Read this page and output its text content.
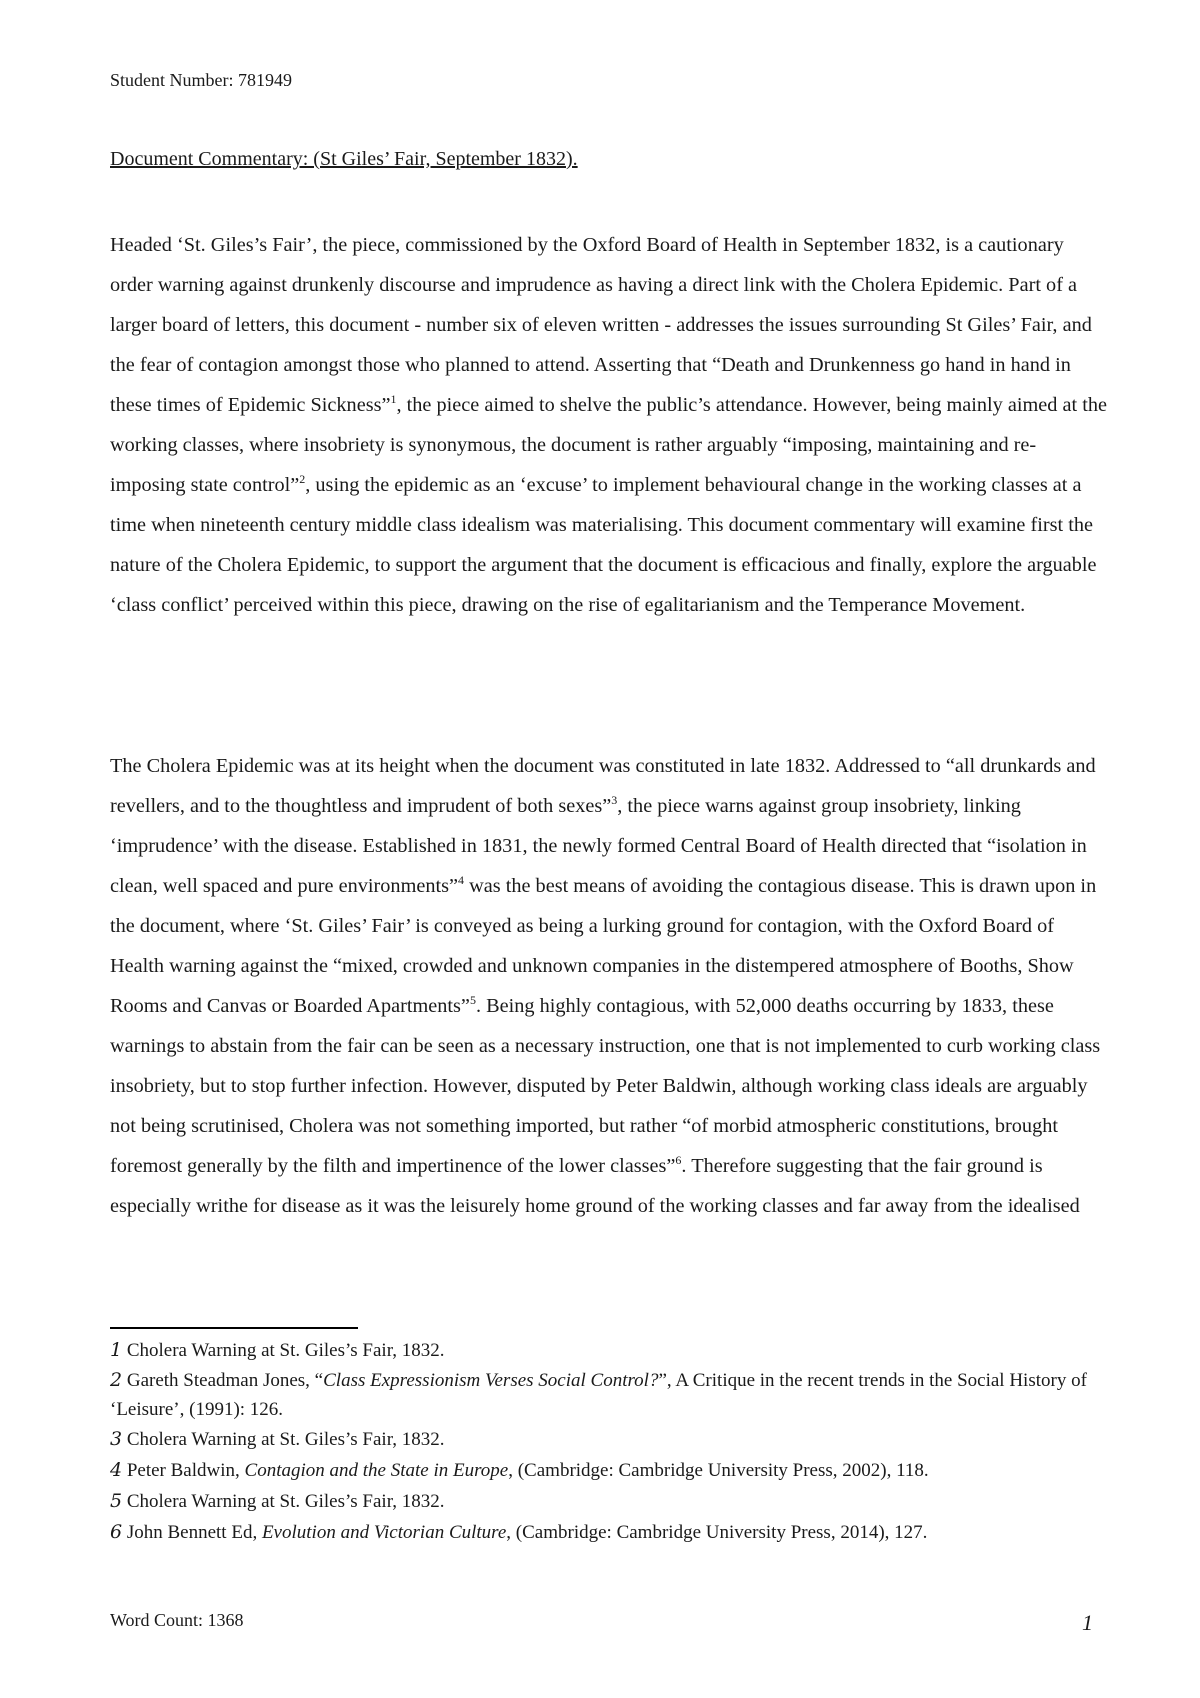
Student Number: 781949
Document Commentary: (St Giles’ Fair, September 1832).

Headed ‘St. Giles’s Fair’, the piece, commissioned by the Oxford Board of Health in September 1832, is a cautionary order warning against drunkenly discourse and imprudence as having a direct link with the Cholera Epidemic. Part of a larger board of letters, this document - number six of eleven written - addresses the issues surrounding St Giles’ Fair, and the fear of contagion amongst those who planned to attend. Asserting that “Death and Drunkenness go hand in hand in these times of Epidemic Sickness”$^1$, the piece aimed to shelve the public’s attendance. However, being mainly aimed at the working classes, where insobriety is synonymous, the document is rather arguably “imposing, maintaining and re-imposing state control”$^2$, using the epidemic as an ‘excuse’ to implement behavioural change in the working classes at a time when nineteenth century middle class idealism was materialising. This document commentary will examine first the nature of the Cholera Epidemic, to support the argument that the document is efficacious and finally, explore the arguable ‘class conflict’ perceived within this piece, drawing on the rise of egalitarianism and the Temperance Movement.

The Cholera Epidemic was at its height when the document was constituted in late 1832. Addressed to “all drunkards and revellers, and to the thoughtless and imprudent of both sexes”$^3$, the piece warns against group insobriety, linking ‘imprudence’ with the disease. Established in 1831, the newly formed Central Board of Health directed that “isolation in clean, well spaced and pure environments”$^4$ was the best means of avoiding the contagious disease. This is drawn upon in the document, where ‘St. Giles’ Fair’ is conveyed as being a lurking ground for contagion, with the Oxford Board of Health warning against the “mixed, crowded and unknown companies in the distempered atmosphere of Booths, Show Rooms and Canvas or Boarded Apartments”$^5$. Being highly contagious, with 52,000 deaths occurring by 1833, these warnings to abstain from the fair can be seen as a necessary instruction, one that is not implemented to curb working class insobriety, but to stop further infection. However, disputed by Peter Baldwin, although working class ideals are arguably not being scrutinised, Cholera was not something imported, but rather “of morbid atmospheric constitutions, brought foremost generally by the filth and impertinence of the lower classes”$^6$. Therefore suggesting that the fair ground is especially writhe for disease as it was the leisurely home ground of the working classes and far away from the idealised

1 Cholera Warning at St. Giles’s Fair, 1832.

2 Gareth Steadman Jones, “Class Expressionism Verses Social Control?”, A Critique in the recent trends in the Social History of ‘Leisure’, (1991): 126.

3 Cholera Warning at St. Giles’s Fair, 1832.

4 Peter Baldwin, Contagion and the State in Europe, (Cambridge: Cambridge University Press, 2002), 118.

5 Cholera Warning at St. Giles’s Fair, 1832.

6 John Bennett Ed, Evolution and Victorian Culture, (Cambridge: Cambridge University Press, 2014), 127.

Word Count: 1368	1
